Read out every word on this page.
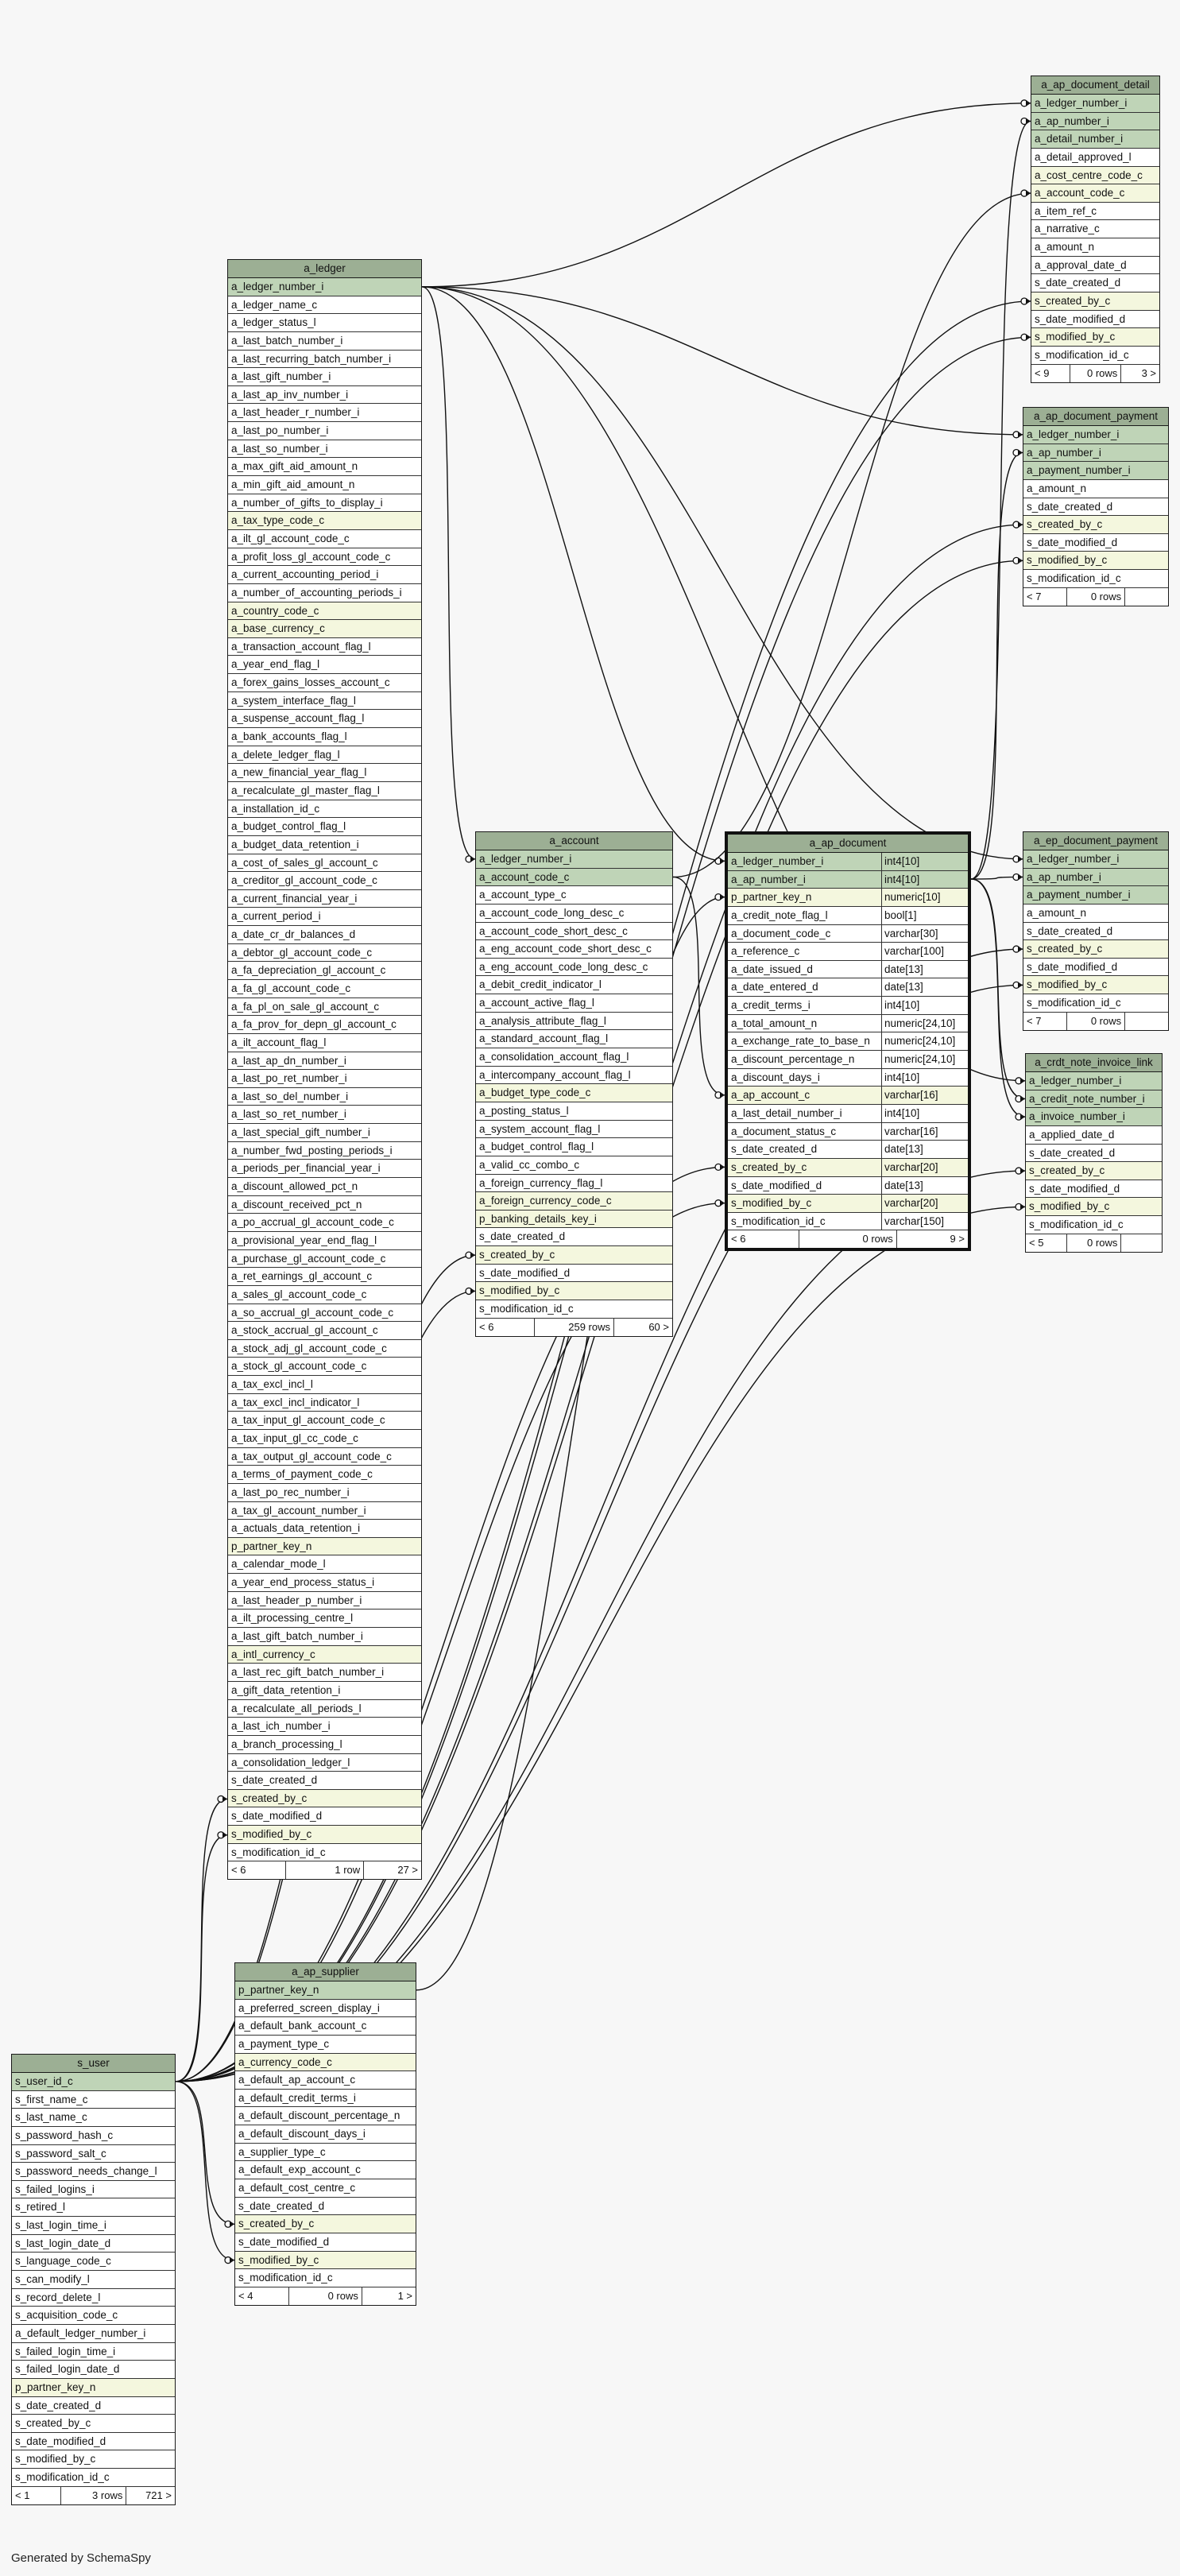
a_ledger
a_ledger_number_i
a_ledger_name_c
a_ledger_status_l
a_last_batch_number_i
a_last_recurring_batch_number_i
a_last_gift_number_i
a_last_ap_inv_number_i
a_last_header_r_number_i
a_last_po_number_i
a_last_so_number_i
a_max_gift_aid_amount_n
a_min_gift_aid_amount_n
a_number_of_gifts_to_display_i
a_tax_type_code_c
a_ilt_gl_account_code_c
a_profit_loss_gl_account_code_c
a_current_accounting_period_i
a_number_of_accounting_periods_i
a_country_code_c
a_base_currency_c
a_transaction_account_flag_l
a_year_end_flag_l
a_forex_gains_losses_account_c
a_system_interface_flag_l
a_suspense_account_flag_l
a_bank_accounts_flag_l
a_delete_ledger_flag_l
a_new_financial_year_flag_l
a_recalculate_gl_master_flag_l
a_installation_id_c
a_budget_control_flag_l
a_budget_data_retention_i
a_cost_of_sales_gl_account_c
a_creditor_gl_account_code_c
a_current_financial_year_i
a_current_period_i
a_date_cr_dr_balances_d
a_debtor_gl_account_code_c
a_fa_depreciation_gl_account_c
a_fa_gl_account_code_c
a_fa_pl_on_sale_gl_account_c
a_fa_prov_for_depn_gl_account_c
a_ilt_account_flag_l
a_last_ap_dn_number_i
a_last_po_ret_number_i
a_last_so_del_number_i
a_last_so_ret_number_i
a_last_special_gift_number_i
a_number_fwd_posting_periods_i
a_periods_per_financial_year_i
a_discount_allowed_pct_n
a_discount_received_pct_n
a_po_accrual_gl_account_code_c
a_provisional_year_end_flag_l
a_purchase_gl_account_code_c
a_ret_earnings_gl_account_c
a_sales_gl_account_code_c
a_so_accrual_gl_account_code_c
a_stock_accrual_gl_account_c
a_stock_adj_gl_account_code_c
a_stock_gl_account_code_c
a_tax_excl_incl_l
a_tax_excl_incl_indicator_l
a_tax_input_gl_account_code_c
a_tax_input_gl_cc_code_c
a_tax_output_gl_account_code_c
a_terms_of_payment_code_c
a_last_po_rec_number_i
a_tax_gl_account_number_i
a_actuals_data_retention_i
p_partner_key_n
a_calendar_mode_l
a_year_end_process_status_i
a_last_header_p_number_i
a_ilt_processing_centre_l
a_last_gift_batch_number_i
a_intl_currency_c
a_last_rec_gift_batch_number_i
a_gift_data_retention_i
a_recalculate_all_periods_l
a_last_ich_number_i
a_branch_processing_l
a_consolidation_ledger_l
s_date_created_d
s_created_by_c
s_date_modified_d
s_modified_by_c
s_modification_id_c
< 6	1 row	27 >
a_account
a_ledger_number_i
a_account_code_c
a_account_type_c
a_account_code_long_desc_c
a_account_code_short_desc_c
a_eng_account_code_short_desc_c
a_eng_account_code_long_desc_c
a_debit_credit_indicator_l
a_account_active_flag_l
a_analysis_attribute_flag_l
a_standard_account_flag_l
a_consolidation_account_flag_l
a_intercompany_account_flag_l
a_budget_type_code_c
a_posting_status_l
a_system_account_flag_l
a_budget_control_flag_l
a_valid_cc_combo_c
a_foreign_currency_flag_l
a_foreign_currency_code_c
p_banking_details_key_i
s_date_created_d
s_created_by_c
s_date_modified_d
s_modified_by_c
s_modification_id_c
< 6	259 rows	60 >
a_ap_document
a_ledger_number_i	int4[10]
a_ap_number_i	int4[10]
p_partner_key_n	numeric[10]
a_credit_note_flag_l	bool[1]
a_document_code_c	varchar[30]
a_reference_c	varchar[100]
a_date_issued_d	date[13]
a_date_entered_d	date[13]
a_credit_terms_i	int4[10]
a_total_amount_n	numeric[24,10]
a_exchange_rate_to_base_n	numeric[24,10]
a_discount_percentage_n	numeric[24,10]
a_discount_days_i	int4[10]
a_ap_account_c	varchar[16]
a_last_detail_number_i	int4[10]
a_document_status_c	varchar[16]
s_date_created_d	date[13]
s_created_by_c	varchar[20]
s_date_modified_d	date[13]
s_modified_by_c	varchar[20]
s_modification_id_c	varchar[150]
< 6	0 rows	9 >
a_ap_document_detail
a_ledger_number_i
a_ap_number_i
a_detail_number_i
a_detail_approved_l
a_cost_centre_code_c
a_account_code_c
a_item_ref_c
a_narrative_c
a_amount_n
a_approval_date_d
s_date_created_d
s_created_by_c
s_date_modified_d
s_modified_by_c
s_modification_id_c
< 9	0 rows	3 >
a_ap_document_payment
a_ledger_number_i
a_ap_number_i
a_payment_number_i
a_amount_n
s_date_created_d
s_created_by_c
s_date_modified_d
s_modified_by_c
s_modification_id_c
< 7	0 rows
a_ep_document_payment
a_ledger_number_i
a_ap_number_i
a_payment_number_i
a_amount_n
s_date_created_d
s_created_by_c
s_date_modified_d
s_modified_by_c
s_modification_id_c
< 7	0 rows
a_crdt_note_invoice_link
a_ledger_number_i
a_credit_note_number_i
a_invoice_number_i
a_applied_date_d
s_date_created_d
s_created_by_c
s_date_modified_d
s_modified_by_c
s_modification_id_c
< 5	0 rows
a_ap_supplier
p_partner_key_n
a_preferred_screen_display_i
a_default_bank_account_c
a_payment_type_c
a_currency_code_c
a_default_ap_account_c
a_default_credit_terms_i
a_default_discount_percentage_n
a_default_discount_days_i
a_supplier_type_c
a_default_exp_account_c
a_default_cost_centre_c
s_date_created_d
s_created_by_c
s_date_modified_d
s_modified_by_c
s_modification_id_c
< 4	0 rows	1 >
s_user
s_user_id_c
s_first_name_c
s_last_name_c
s_password_hash_c
s_password_salt_c
s_password_needs_change_l
s_failed_logins_i
s_retired_l
s_last_login_time_i
s_last_login_date_d
s_language_code_c
s_can_modify_l
s_record_delete_l
s_acquisition_code_c
a_default_ledger_number_i
s_failed_login_time_i
s_failed_login_date_d
p_partner_key_n
s_date_created_d
s_created_by_c
s_date_modified_d
s_modified_by_c
s_modification_id_c
< 1	3 rows	721 >
Generated by SchemaSpy
